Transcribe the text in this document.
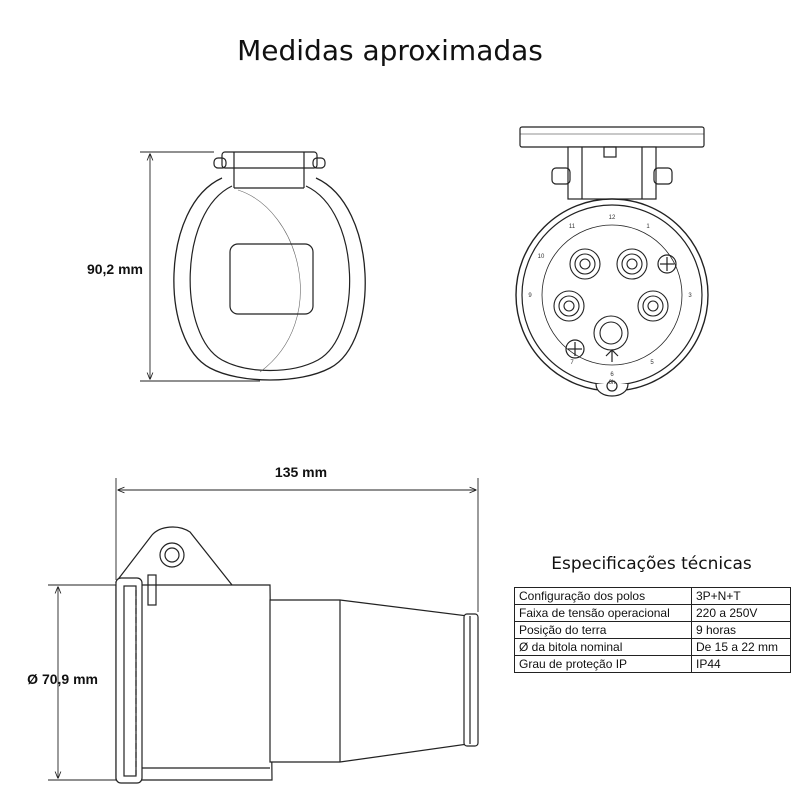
Medidas aproximadas
90,2 mm
12
1
3
5
6
7
9
10
11
6h
135 mm
Ø 70,9 mm
Especificações técnicas
Configuração dos polos	3P+N+T
Faixa de tensão operacional	220 a 250V
Posição do terra	9 horas
Ø da bitola nominal	De 15 a 22 mm
Grau de proteção IP	IP44
